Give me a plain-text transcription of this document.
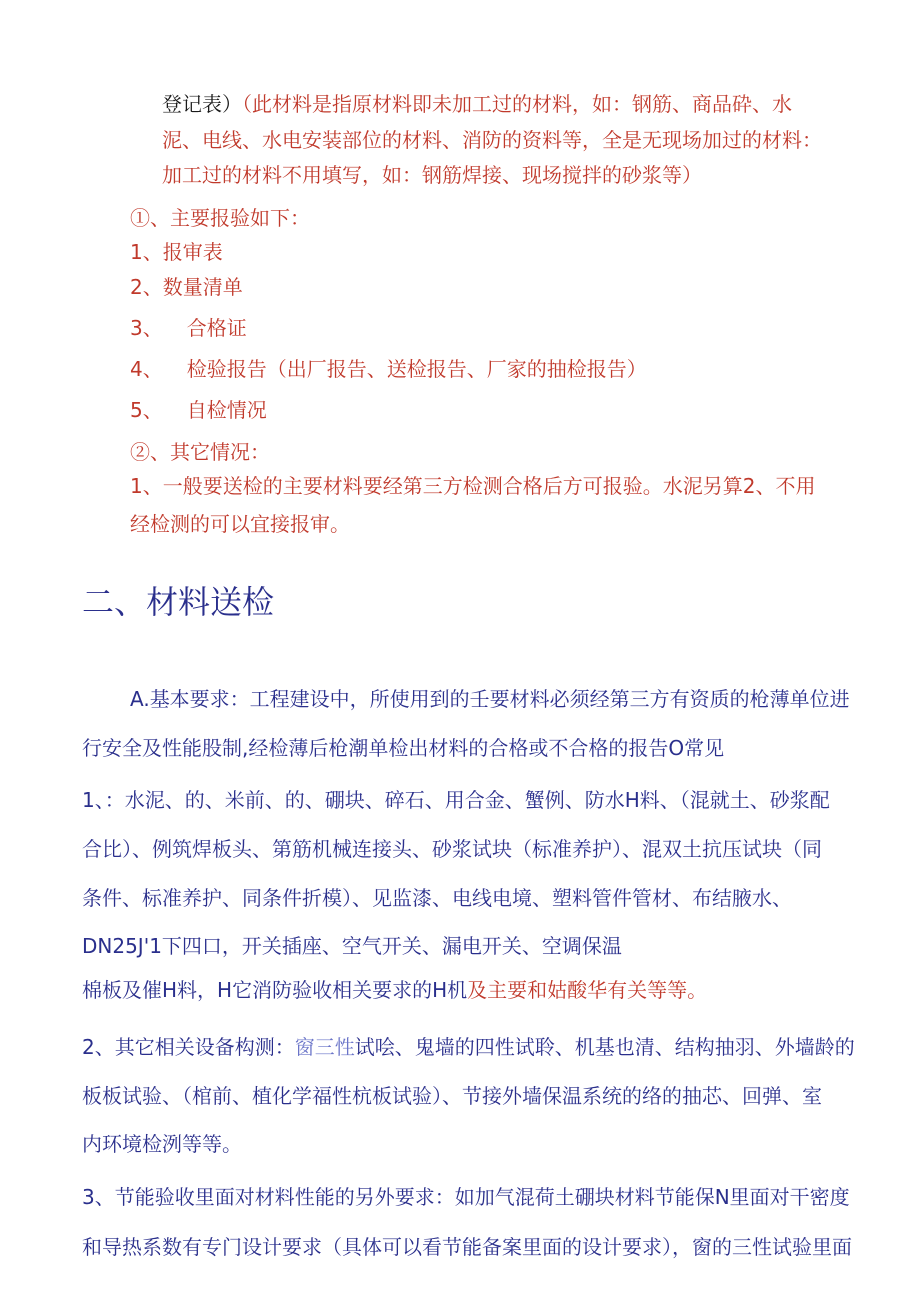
登记表）（此材料是指原材料即未加工过的材料，如：钢筋、商品砕、水
泥、电线、水电安装部位的材料、消防的资料等，全是无现场加过的材料：
加工过的材料不用填写，如：钢筋焊接、现场搅拌的砂浆等）
①、主要报验如下：
1、报审表
2、数量清单
3、 合格证
4、 检验报告（出厂报告、送检报告、厂家的抽检报告）
5、 自检情况
②、其它情况：
1、一般要送检的主要材料要经第三方检测合格后方可报验。水泥另算2、不用
经检测的可以宜接报审。
二、材料送检
A.基本要求：工程建设中，所使用到的壬要材料必须经第三方有资质的枪薄单位进
行安全及性能股制,经检薄后枪潮单检出材料的合格或不合格的报告O常见
1、：水泥、的、米前、的、硼块、碎石、用合金、蟹例、防水H料、（混就土、砂浆配
合比）、例筑焊板头、第筋机械连接头、砂浆试块（标准养护）、混双土抗压试块（同
条件、标准养护、同条件折模）、见监漆、电线电境、塑料管件管材、布结腋水、
DN25J'1下四口，开关插座、空气开关、漏电开关、空调保温
棉板及催H料，H它消防验收相关要求的H机及主要和姑酸华有关等等。
2、其它相关设备构测：窗三性试哙、鬼墙的四性试聆、机基也清、结构抽羽、外墙龄的
板板试验、（棺前、植化学福性杭板试验）、节接外墙保温系统的络的抽芯、回弹、室
内环境检洌等等。
3、节能验收里面对材料性能的另外要求：如加气混荷土硼块材料节能保N里面对干密度
和导热系数有专门设计要求（具体可以看节能备案里面的设计要求），窗的三性试验里面
